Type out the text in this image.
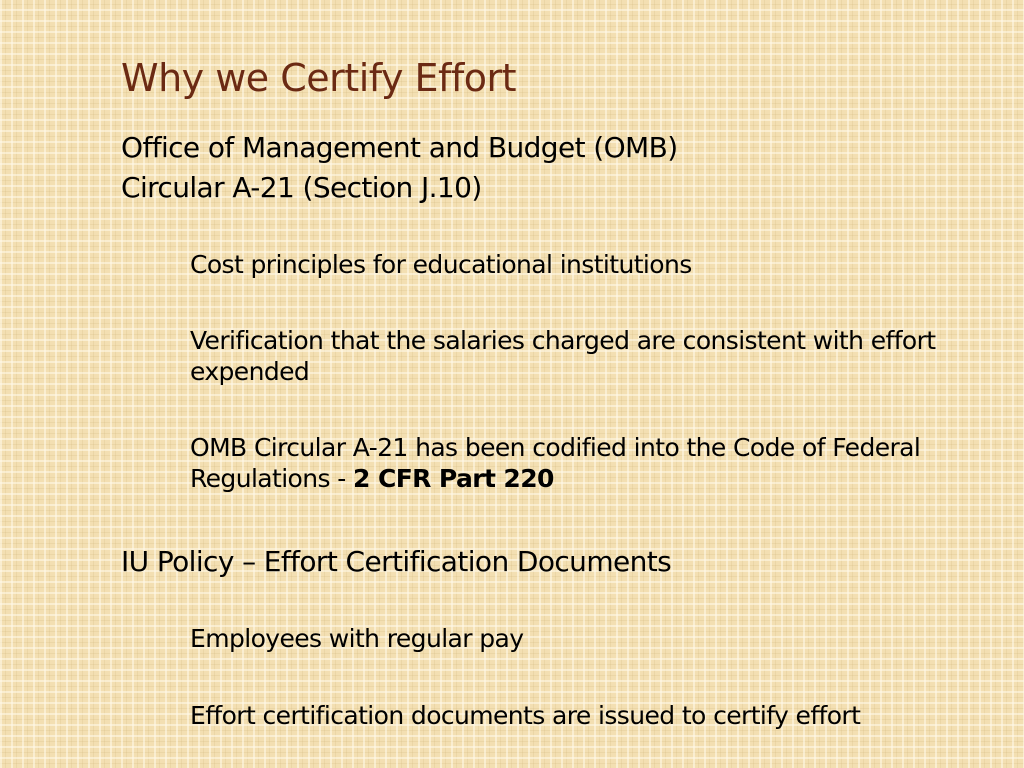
Why we Certify Effort
Office of Management and Budget (OMB)
Circular A-21 (Section J.10)
Cost principles for educational institutions
Verification that the salaries charged are consistent with effort expended
OMB Circular A-21 has been codified into the Code of Federal Regulations - 2 CFR Part 220
IU Policy – Effort Certification Documents
Employees with regular pay
Effort certification documents are issued to certify effort
